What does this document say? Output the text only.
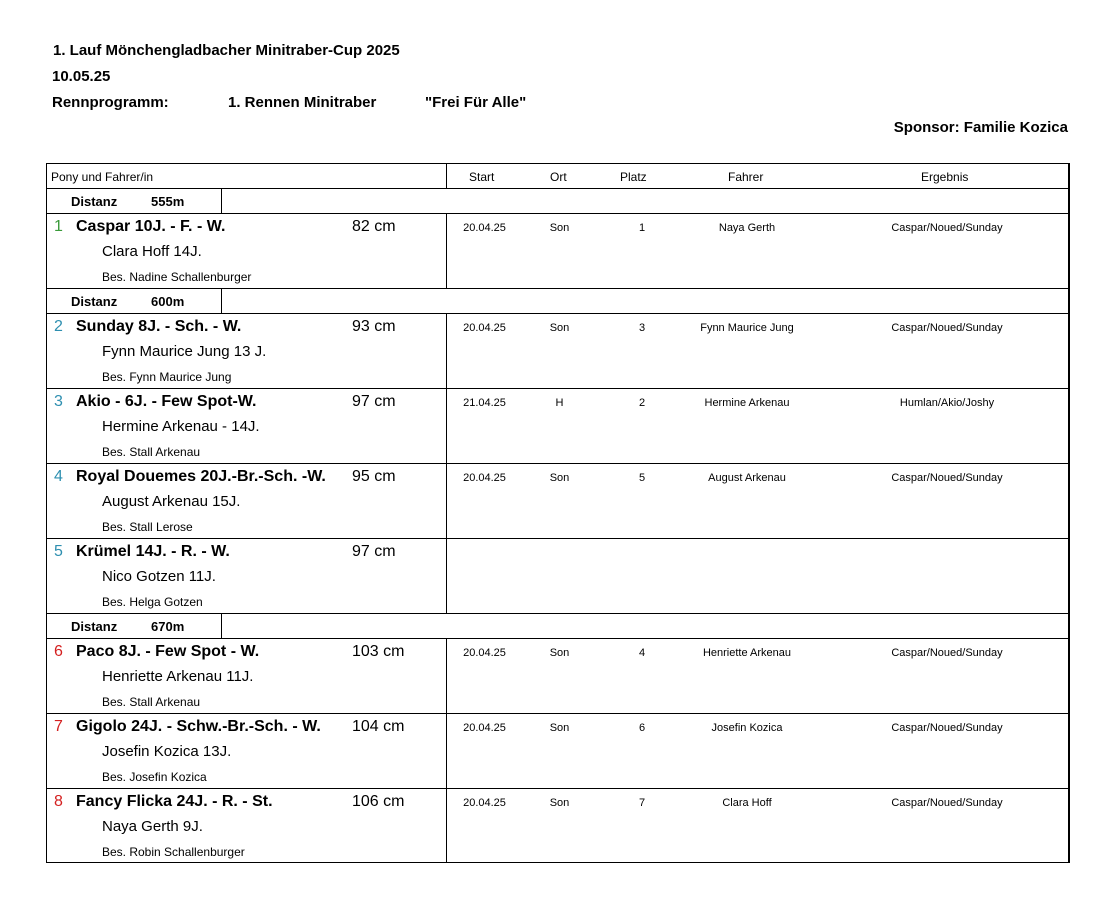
1. Lauf Mönchengladbacher Minitraber-Cup 2025
10.05.25
Rennprogramm:	1. Rennen Minitraber	"Frei Für Alle"
Sponsor: Familie Kozica
Pony und Fahrer/in	Start	Ort	Platz	Fahrer	Ergebnis
Distanz	555m
1 Caspar 10J. - F. - W.	82 cm
Clara Hoff 14J.
Bes. Nadine Schallenburger
20.04.25	Son	1	Naya Gerth	Caspar/Noued/Sunday
Distanz	600m
2 Sunday 8J. - Sch. - W.	93 cm
Fynn Maurice Jung 13 J.
Bes. Fynn Maurice Jung
20.04.25	Son	3	Fynn Maurice Jung	Caspar/Noued/Sunday
3 Akio - 6J. - Few Spot-W.	97 cm
Hermine Arkenau - 14J.
Bes. Stall Arkenau
21.04.25	H	2	Hermine Arkenau	Humlan/Akio/Joshy
4 Royal Douemes 20J.-Br.-Sch. -W. 95 cm
August Arkenau 15J.
Bes. Stall Lerose
20.04.25	Son	5	August Arkenau	Caspar/Noued/Sunday
5 Krümel 14J. - R. - W.	97 cm
Nico Gotzen 11J.
Bes. Helga Gotzen
Distanz	670m
6 Paco 8J. - Few Spot - W.	103 cm
Henriette Arkenau 11J.
Bes. Stall Arkenau
20.04.25	Son	4	Henriette Arkenau	Caspar/Noued/Sunday
7 Gigolo 24J. - Schw.-Br.-Sch. - W. 104 cm
Josefin Kozica 13J.
Bes. Josefin Kozica
20.04.25	Son	6	Josefin Kozica	Caspar/Noued/Sunday
8 Fancy Flicka 24J. - R. - St.	106 cm
Naya Gerth 9J.
Bes. Robin Schallenburger
20.04.25	Son	7	Clara Hoff	Caspar/Noued/Sunday
